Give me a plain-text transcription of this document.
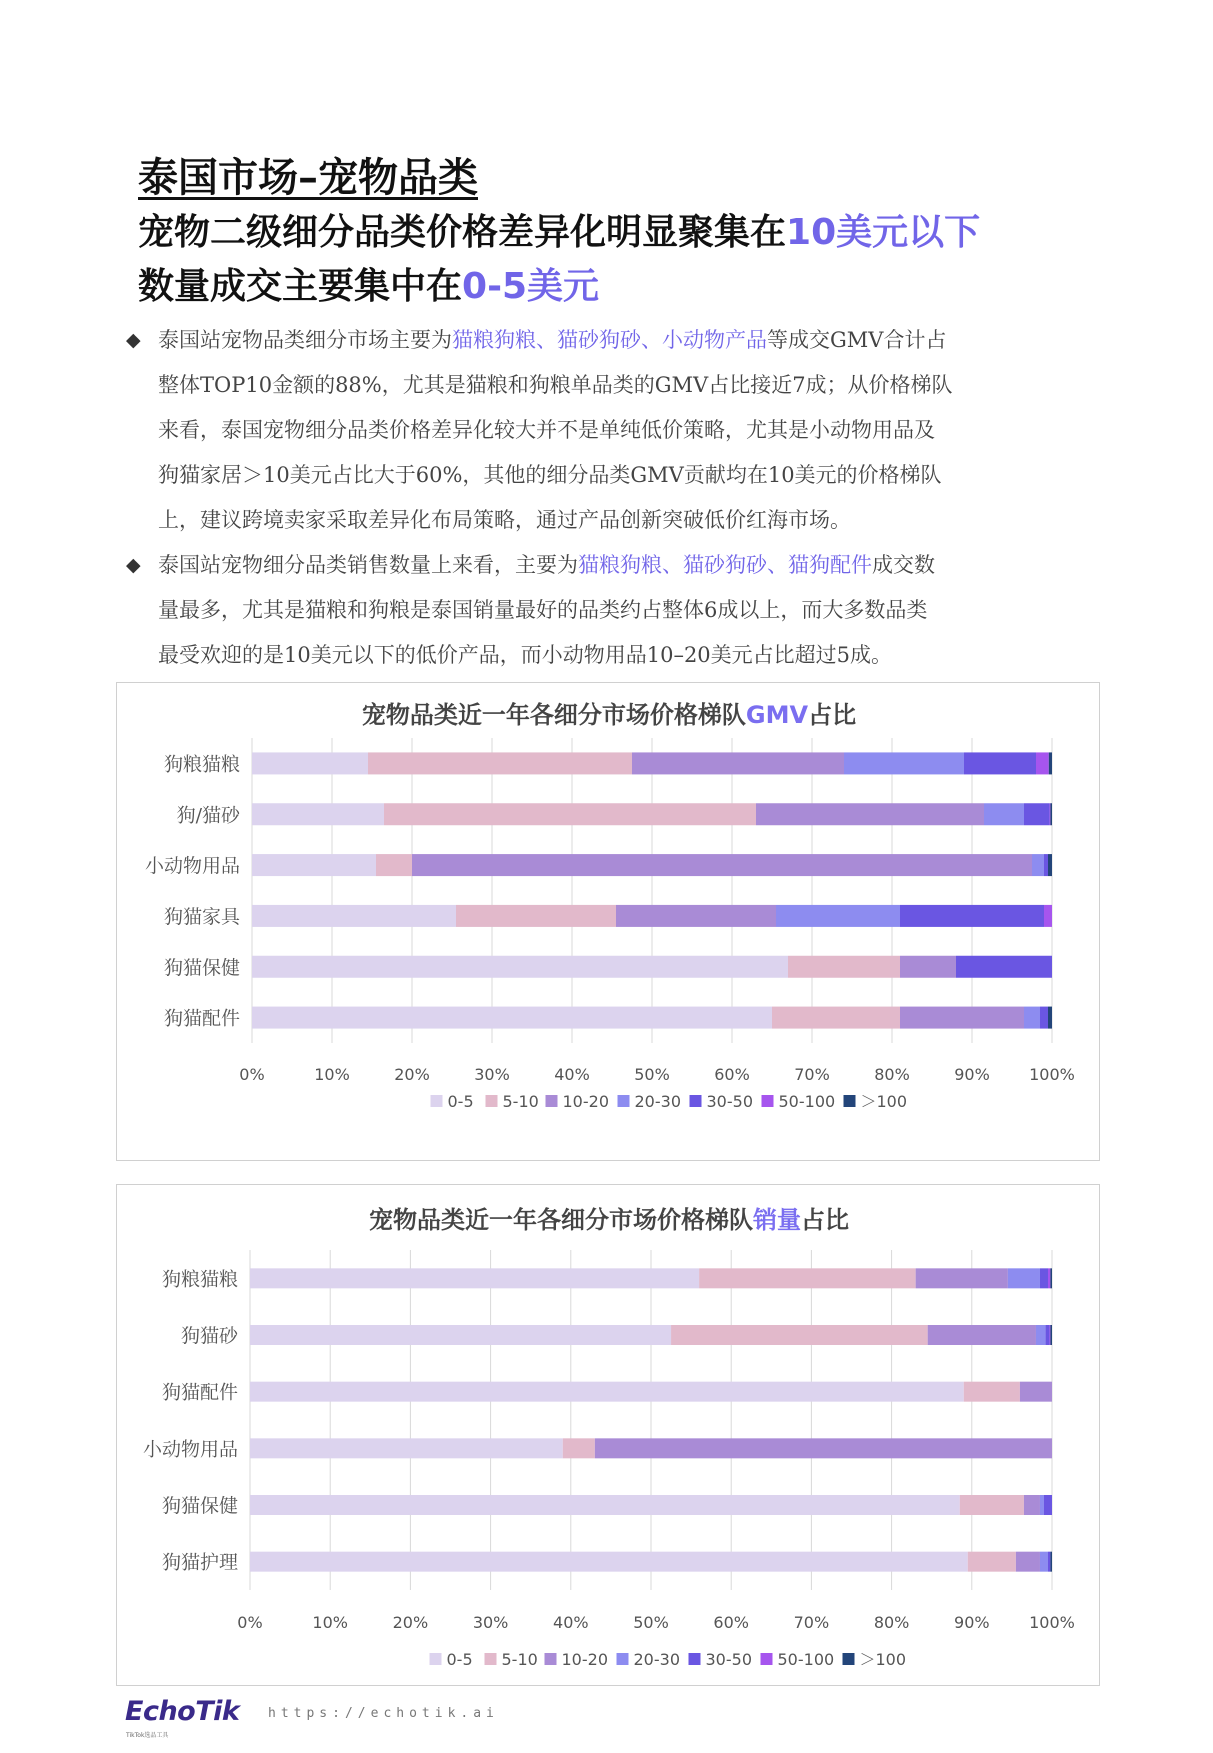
泰国市场–宠物品类
宠物二级细分品类价格差异化明显聚集在10美元以下
数量成交主要集中在0-5美元
◆ 泰国站宠物品类细分市场主要为猫粮狗粮、猫砂狗砂、小动物产品等成交GMV合计占
整体TOP10金额的88%，尤其是猫粮和狗粮单品类的GMV占比接近7成；从价格梯队
来看，泰国宠物细分品类价格差异化较大并不是单纯低价策略，尤其是小动物用品及
狗猫家居＞10美元占比大于60%，其他的细分品类GMV贡献均在10美元的价格梯队
上，建议跨境卖家采取差异化布局策略，通过产品创新突破低价红海市场。
◆ 泰国站宠物细分品类销售数量上来看，主要为猫粮狗粮、猫砂狗砂、猫狗配件成交数
量最多，尤其是猫粮和狗粮是泰国销量最好的品类约占整体6成以上，而大多数品类
最受欢迎的是10美元以下的低价产品，而小动物用品10–20美元占比超过5成。
宠物品类近一年各细分市场价格梯队GMV占比
0%	10%	20%	30%	40%	50%	60%	70%	80%	90% 100%
狗粮猫粮
狗/猫砂
小动物用品
狗猫家具
狗猫保健
狗猫配件
0-5 5-10 10-20 20-30 30-50 50-100 ＞100
宠物品类近一年各细分市场价格梯队销量占比
0%	10%	20%	30%	40%	50%	60%	70%	80%	90% 100%
狗粮猫粮
狗猫砂
狗猫配件
小动物用品
狗猫保健
狗猫护理
0-5 5-10 10-20 20-30 30-50 50-100 ＞100
EchoTik
TikTok选品工具
https://echotik.ai
